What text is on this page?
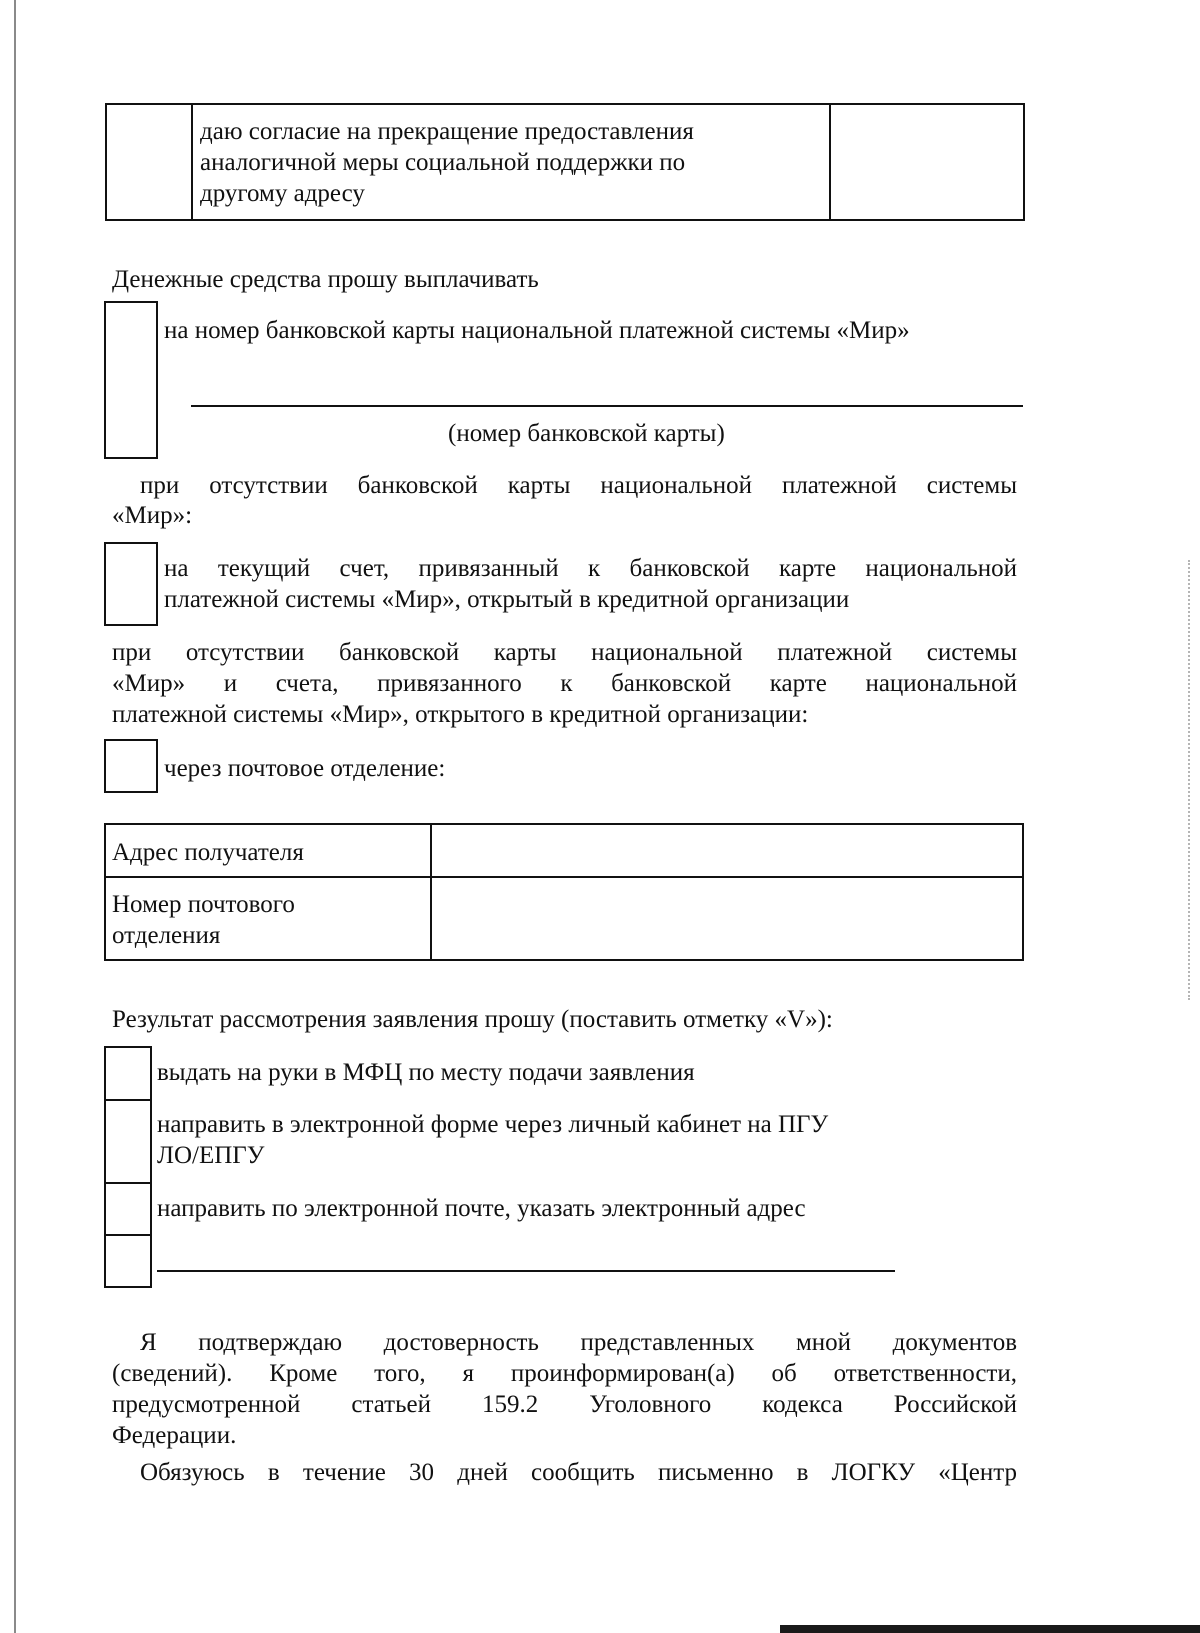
даю согласие на прекращение предоставления
аналогичной меры социальной поддержки по
другому адресу
Денежные средства прошу выплачивать
на номер банковской карты национальной платежной системы «Мир»
(номер банковской карты)
при отсутствии банковской карты национальной платежной системы
«Мир»:
на текущий счет, привязанный к банковской карте национальной
платежной системы «Мир», открытый в кредитной организации
при отсутствии банковской карты национальной платежной системы
«Мир» и счета, привязанного к банковской карте национальной
платежной системы «Мир», открытого в кредитной организации:
через почтовое отделение:
Адрес получателя
Номер почтового
отделения
Результат рассмотрения заявления прошу (поставить отметку «V»):
выдать на руки в МФЦ по месту подачи заявления
направить в электронной форме через личный кабинет на ПГУ
ЛО/ЕПГУ
направить по электронной почте, указать электронный адрес
Я подтверждаю достоверность представленных мной документов
(сведений). Кроме того, я проинформирован(а) об ответственности,
предусмотренной статьей 159.2 Уголовного кодекса Российской
Федерации.
Обязуюсь в течение 30 дней сообщить письменно в ЛОГКУ «Центр
